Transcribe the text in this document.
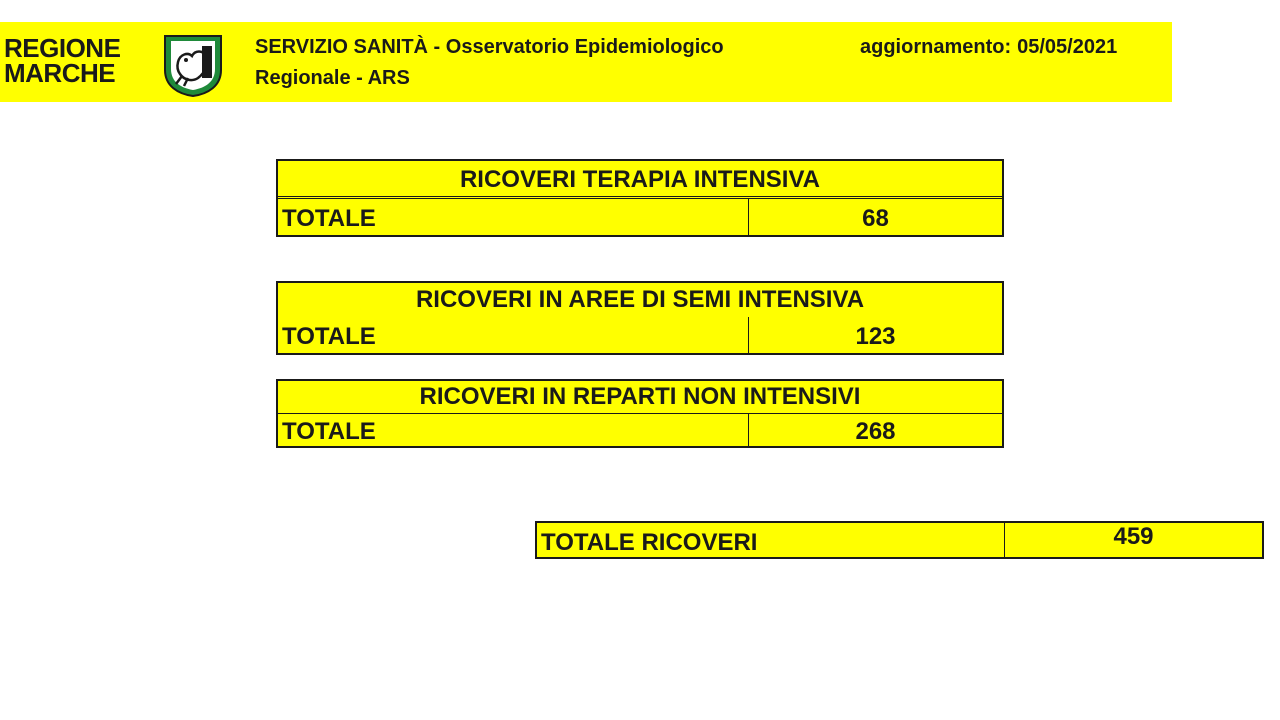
REGIONE
MARCHE
SERVIZIO SANITÀ - Osservatorio Epidemiologico Regionale - ARS
aggiornamento: 05/05/2021
RICOVERI TERAPIA INTENSIVA
TOTALE	68
RICOVERI IN AREE DI SEMI INTENSIVA
TOTALE	123
RICOVERI IN REPARTI NON INTENSIVI
TOTALE	268
TOTALE RICOVERI	459
